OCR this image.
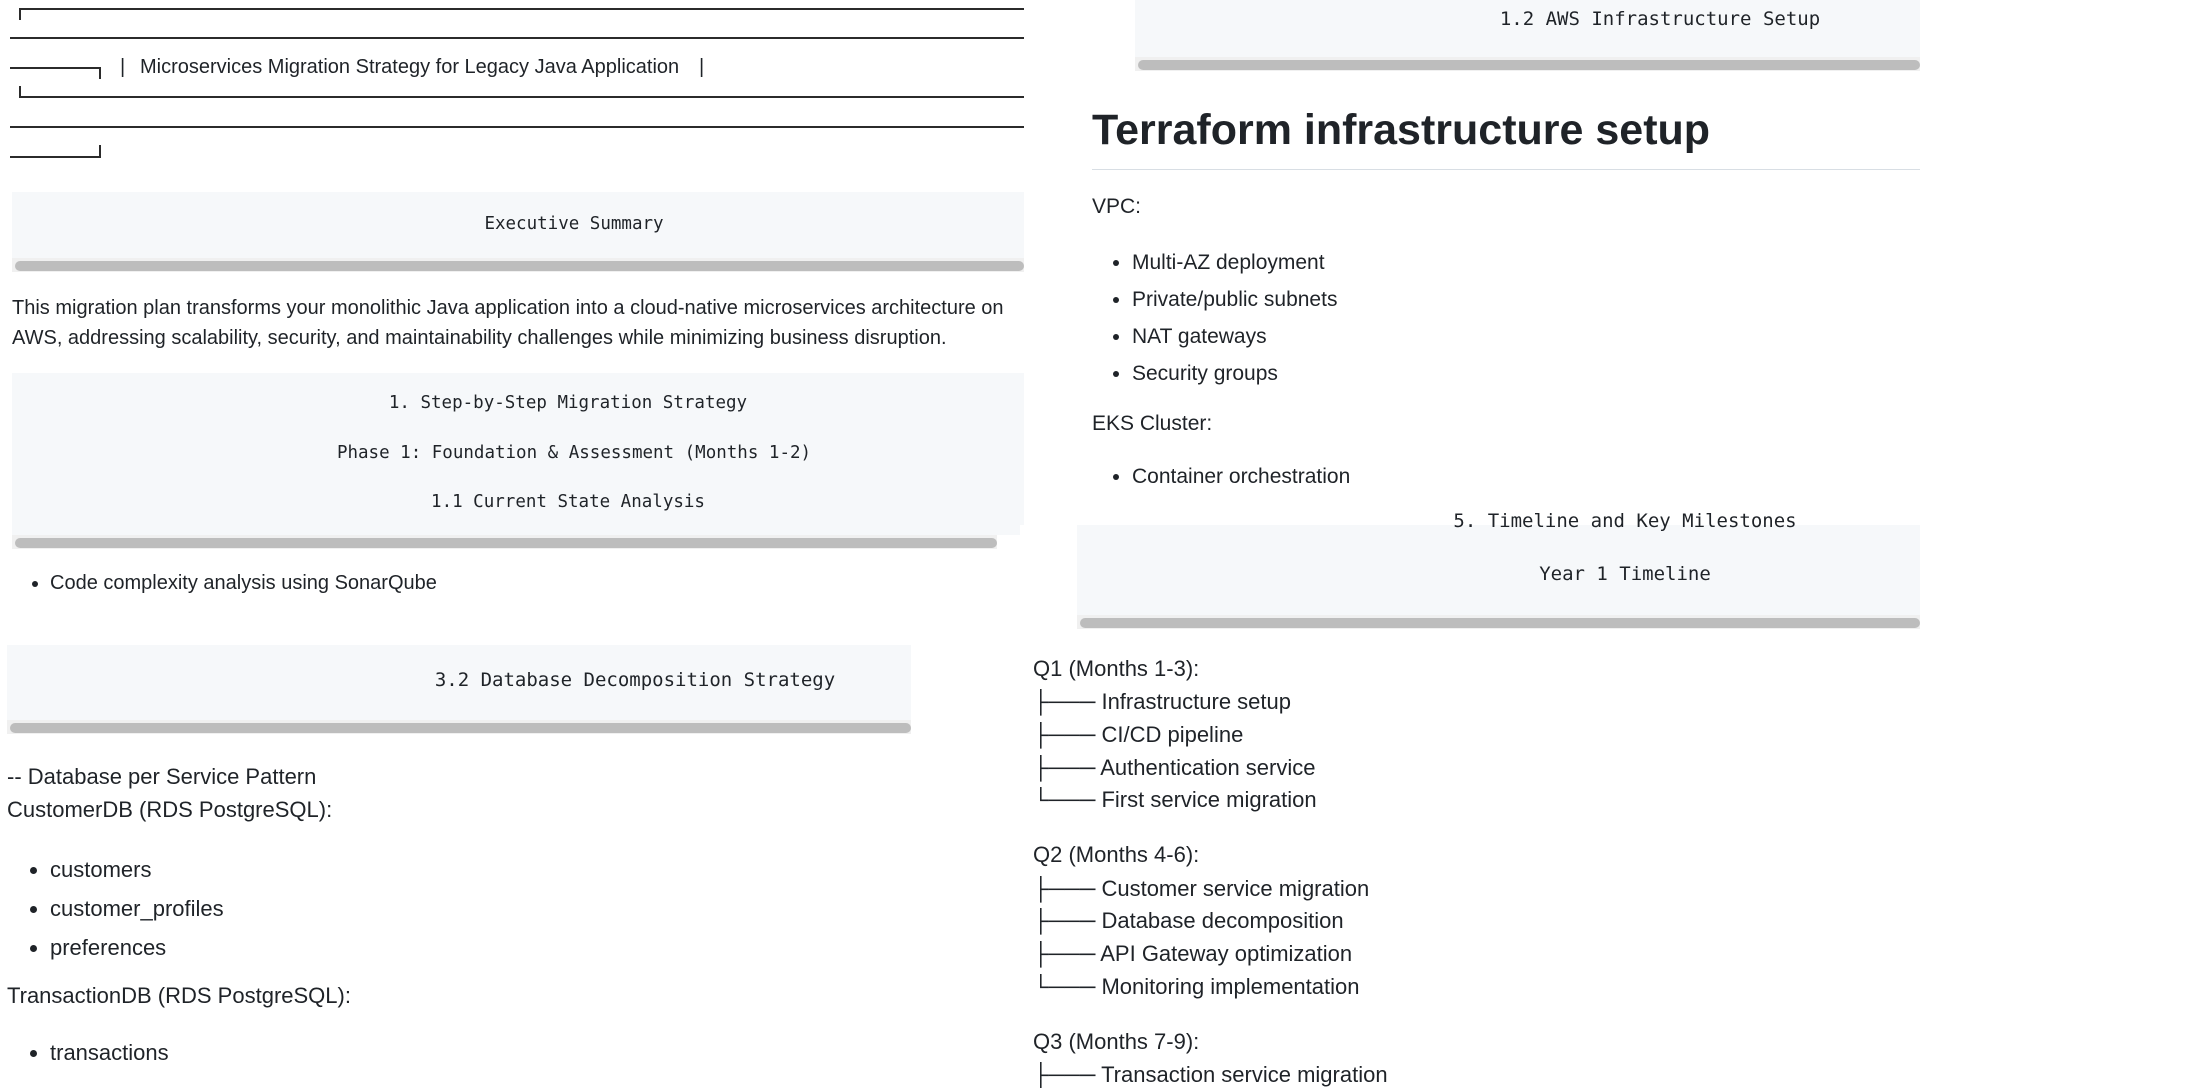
| Microservices Migration Strategy for Legacy Java Application |
Executive Summary
This migration plan transforms your monolithic Java application into a cloud-native microservices architecture on
AWS, addressing scalability, security, and maintainability challenges while minimizing business disruption.
1. Step-by-Step Migration Strategy
Phase 1: Foundation & Assessment (Months 1-2)
1.1 Current State Analysis
• Code complexity analysis using SonarQube
3.2 Database Decomposition Strategy
-- Database per Service Pattern
CustomerDB (RDS PostgreSQL):
• customers
• customer_profiles
• preferences
TransactionDB (RDS PostgreSQL):
• transactions
1.2 AWS Infrastructure Setup
Terraform infrastructure setup
VPC:
• Multi-AZ deployment
• Private/public subnets
• NAT gateways
• Security groups
EKS Cluster:
• Container orchestration
5. Timeline and Key Milestones
Year 1 Timeline
Q1 (Months 1-3):
├─── Infrastructure setup
├─── CI/CD pipeline
├─── Authentication service
└─── First service migration
Q2 (Months 4-6):
├─── Customer service migration
├─── Database decomposition
├─── API Gateway optimization
└─── Monitoring implementation
Q3 (Months 7-9):
├─── Transaction service migration
